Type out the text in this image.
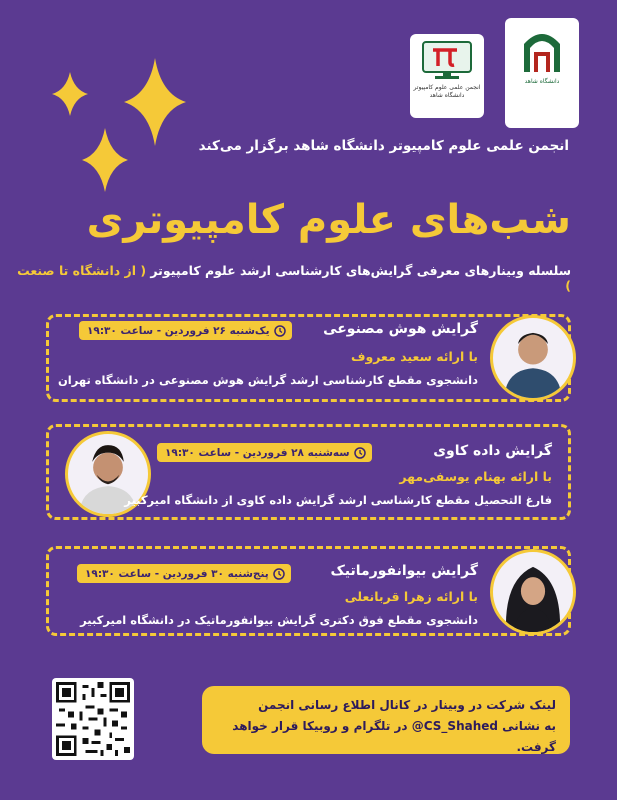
دانشگاه شاهد
انجمن علمی علوم کامپیوتر دانشگاه شاهد
انجمن علمی علوم کامپیوتر دانشگاه شاهد برگزار می‌کند
شب‌های علوم کامپیوتری
سلسله وبینارهای معرفی گرایش‌های کارشناسی ارشد علوم کامپیوتر ( از دانشگاه تا صنعت )
یک‌شنبه ۲۶ فروردین - ساعت ۱۹:۳۰	گرایش هوش مصنوعی
با ارائه سعید معروف
دانشجوی مقطع کارشناسی ارشد گرایش هوش مصنوعی در دانشگاه تهران
سه‌شنبه ۲۸ فروردین - ساعت ۱۹:۳۰	گرایش داده کاوی
با ارائه بهنام یوسفی‌مهر
فارغ التحصیل مقطع کارشناسی ارشد گرایش داده کاوی از دانشگاه امیرکبیر
پنج‌شنبه ۳۰ فروردین - ساعت ۱۹:۳۰	گرایش بیوانفورماتیک
با ارائه زهرا قربانعلی
دانشجوی مقطع فوق دکتری گرایش بیوانفورماتیک در دانشگاه امیرکبیر
لینک شرکت در وبینار در کانال اطلاع رسانی انجمن
به نشانی ‎@CS_Shahed‎ در تلگرام و روبیکا قرار خواهد گرفت.
